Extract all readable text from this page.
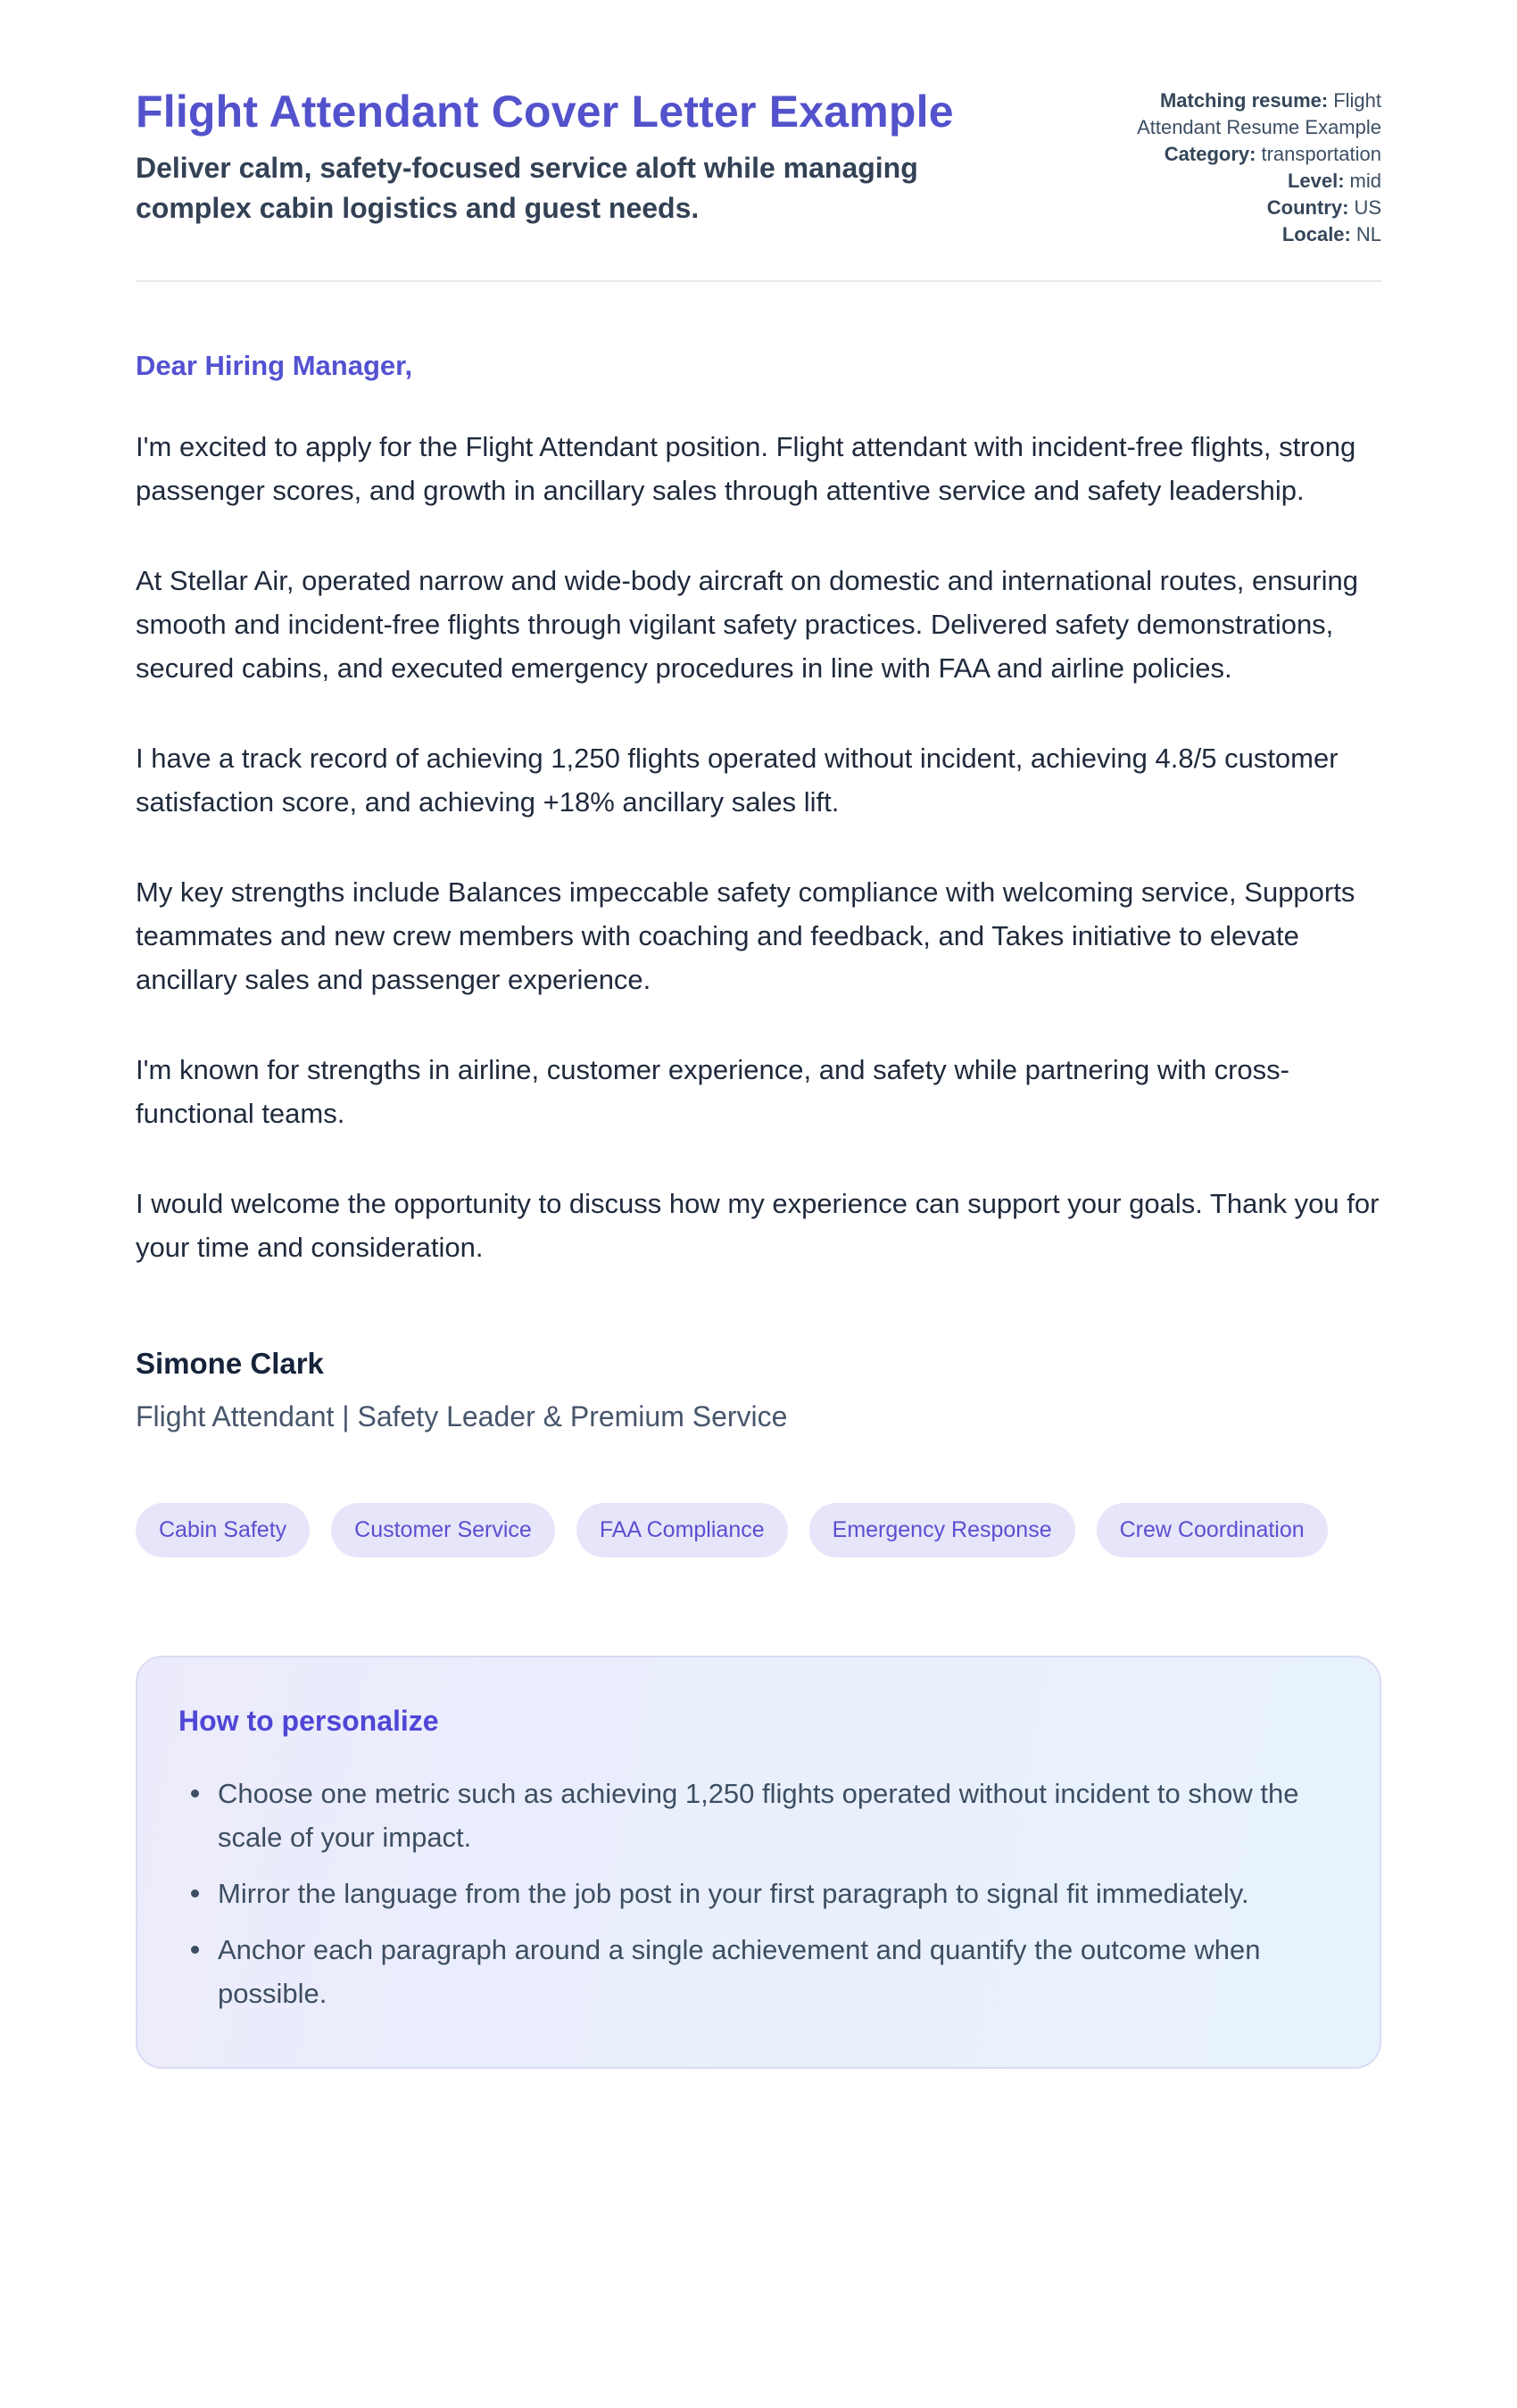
Flight Attendant Cover Letter Example
Deliver calm, safety-focused service aloft while managing complex cabin logistics and guest needs.
Matching resume: Flight Attendant Resume Example
Category: transportation
Level: mid
Country: US
Locale: NL
Dear Hiring Manager,

I'm excited to apply for the Flight Attendant position. Flight attendant with incident-free flights, strong passenger scores, and growth in ancillary sales through attentive service and safety leadership.

At Stellar Air, operated narrow and wide-body aircraft on domestic and international routes, ensuring smooth and incident-free flights through vigilant safety practices. Delivered safety demonstrations, secured cabins, and executed emergency procedures in line with FAA and airline policies.

I have a track record of achieving 1,250 flights operated without incident, achieving 4.8/5 customer satisfaction score, and achieving +18% ancillary sales lift.

My key strengths include Balances impeccable safety compliance with welcoming service, Supports teammates and new crew members with coaching and feedback, and Takes initiative to elevate ancillary sales and passenger experience.

I'm known for strengths in airline, customer experience, and safety while partnering with cross-functional teams.

I would welcome the opportunity to discuss how my experience can support your goals. Thank you for your time and consideration.

Simone Clark
Flight Attendant | Safety Leader & Premium Service
Cabin Safety	Customer Service	FAA Compliance	Emergency Response	Crew Coordination
How to personalize
Choose one metric such as achieving 1,250 flights operated without incident to show the scale of your impact.
Mirror the language from the job post in your first paragraph to signal fit immediately.
Anchor each paragraph around a single achievement and quantify the outcome when possible.
